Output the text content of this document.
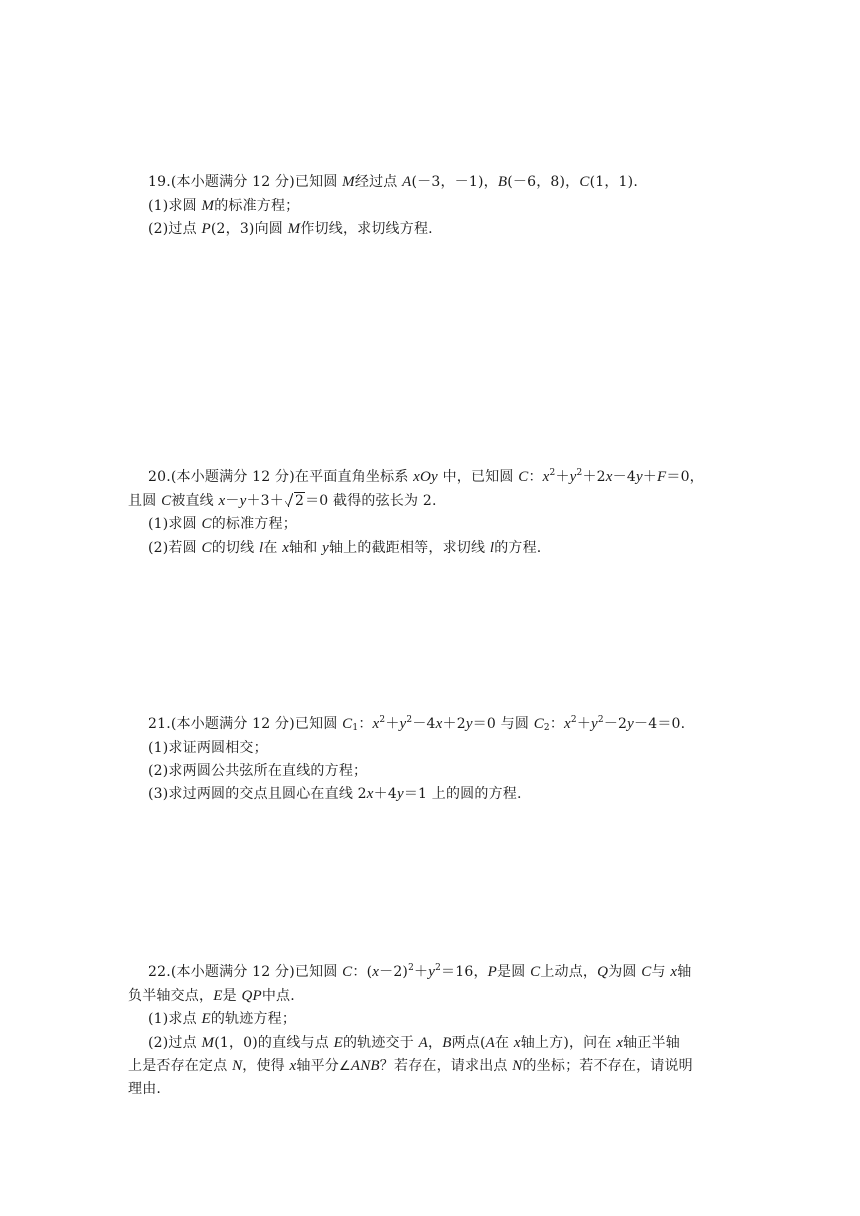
19.(本小题满分 12 分)已知圆 M经过点 A(－3，－1)，B(－6，8)，C(1，1).
(1)求圆 M的标准方程；
(2)过点 P(2，3)向圆 M作切线，求切线方程.
20.(本小题满分 12 分)在平面直角坐标系 xOy 中，已知圆 C：$x^2+y^2+2x-4y+F=0$，
且圆 C被直线 x－y＋3＋ 2＝0 截得的弦长为 2.
(1)求圆 C的标准方程；
(2)若圆 C的切线 l在 x轴和 y轴上的截距相等，求切线 l的方程.
21.(本小题满分 12 分)已知圆 $C_1$：$x^2+y^2-4x+2y=0$ 与圆 $C_2$：$x^2+y^2-2y-4=0$.
(1)求证两圆相交；
(2)求两圆公共弦所在直线的方程；
(3)求过两圆的交点且圆心在直线 2x＋4y＝1 上的圆的方程.
22.(本小题满分 12 分)已知圆 C：$(x-2)^2+y^2=16$，P是圆 C上动点，Q为圆 C与 x轴
负半轴交点，E是 QP中点.
(1)求点 E的轨迹方程；
(2)过点 M(1，0)的直线与点 E的轨迹交于 A，B两点(A在 x轴上方)，问在 x轴正半轴
上是否存在定点 N，使得 x轴平分∠ANB？若存在，请求出点 N的坐标；若不存在，请说明
理由.
